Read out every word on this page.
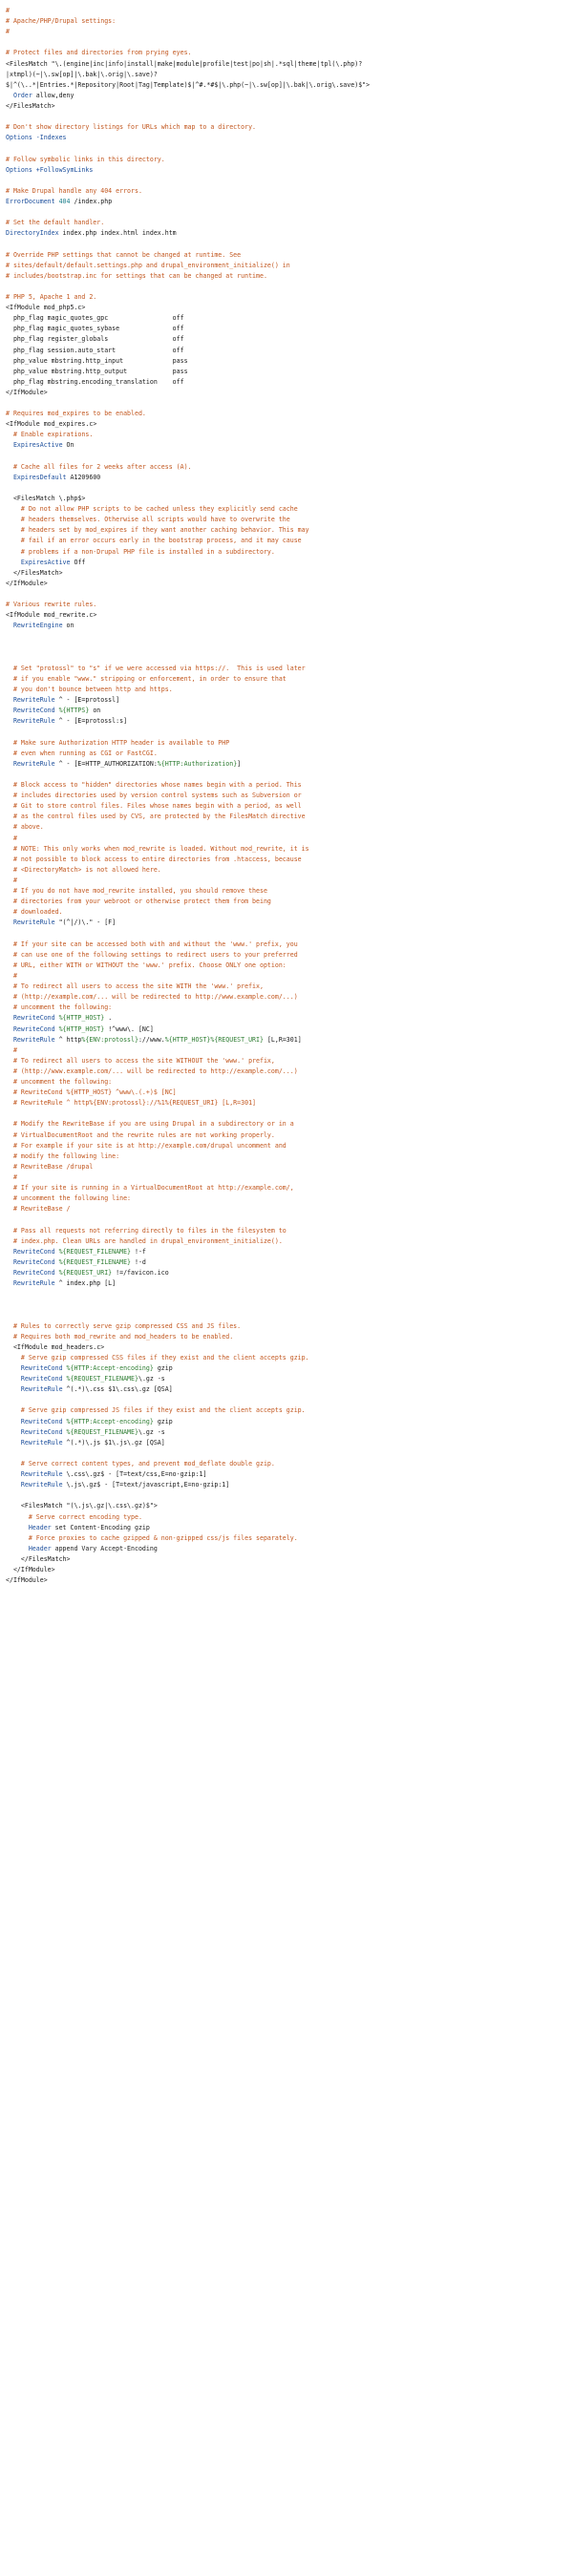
#
# Apache/PHP/Drupal settings:
#
# Protect files and directories from prying eyes.
<FilesMatch "\.(engine|inc|info|install|make|module|profile|test|po|sh|.*sql|theme|tpl(\.php)?
|xtmpl)(~|\.sw[op]|\.bak|\.orig|\.save)?
$|^(\..*|Entries.*|Repository|Root|Tag|Template)$|^#.*#$|\.php(~|\.sw[op]|\.bak|\.orig\.save)$">
Order allow,deny
</FilesMatch>
# Don't show directory listings for URLs which map to a directory.
Options -Indexes
# Follow symbolic links in this directory.
Options +FollowSymLinks
# Make Drupal handle any 404 errors.
ErrorDocument 404 /index.php
# Set the default handler.
DirectoryIndex index.php index.html index.htm
# Override PHP settings that cannot be changed at runtime. See
# sites/default/default.settings.php and drupal_environment_initialize() in
# includes/bootstrap.inc for settings that can be changed at runtime.
# PHP 5, Apache 1 and 2.
<IfModule mod_php5.c>
php_flag magic_quotes_gpc                 off
php_flag magic_quotes_sybase              off
php_flag register_globals                 off
php_flag session.auto_start               off
php_value mbstring.http_input             pass
php_value mbstring.http_output            pass
php_flag mbstring.encoding_translation    off
</IfModule>
# Requires mod_expires to be enabled.
<IfModule mod_expires.c>
# Enable expirations.
ExpiresActive On
# Cache all files for 2 weeks after access (A).
ExpiresDefault A1209600
<FilesMatch \.php$>
# Do not allow PHP scripts to be cached unless they explicitly send cache
# headers themselves. Otherwise all scripts would have to overwrite the
# headers set by mod_expires if they want another caching behavior. This may
# fail if an error occurs early in the bootstrap process, and it may cause
# problems if a non-Drupal PHP file is installed in a subdirectory.
ExpiresActive Off
</FilesMatch>
</IfModule>
# Various rewrite rules.
<IfModule mod_rewrite.c>
RewriteEngine on
# Set "protossl" to "s" if we were accessed via https://.  This is used later
# if you enable "www." stripping or enforcement, in order to ensure that
# you don't bounce between http and https.
RewriteRule ^ - [E=protossl]
RewriteCond %{HTTPS} on
RewriteRule ^ - [E=protossl:s]
# Make sure Authorization HTTP header is available to PHP
# even when running as CGI or FastCGI.
RewriteRule ^ - [E=HTTP_AUTHORIZATION:%{HTTP:Authorization}]
# Block access to "hidden" directories whose names begin with a period. This
# includes directories used by version control systems such as Subversion or
# Git to store control files. Files whose names begin with a period, as well
# as the control files used by CVS, are protected by the FilesMatch directive
# above.
#
# NOTE: This only works when mod_rewrite is loaded. Without mod_rewrite, it is
# not possible to block access to entire directories from .htaccess, because
# <DirectoryMatch> is not allowed here.
#
# If you do not have mod_rewrite installed, you should remove these
# directories from your webroot or otherwise protect them from being
# downloaded.
RewriteRule "(^|/)\." - [F]
# If your site can be accessed both with and without the 'www.' prefix, you
# can use one of the following settings to redirect users to your preferred
# URL, either WITH or WITHOUT the 'www.' prefix. Choose ONLY one option:
#
# To redirect all users to access the site WITH the 'www.' prefix,
# (http://example.com/... will be redirected to http://www.example.com/...)
# uncomment the following:
RewriteCond %{HTTP_HOST} .
RewriteCond %{HTTP_HOST} !^www\. [NC]
RewriteRule ^ http%{ENV:protossl}://www.%{HTTP_HOST}%{REQUEST_URI} [L,R=301]
#
# To redirect all users to access the site WITHOUT the 'www.' prefix,
# (http://www.example.com/... will be redirected to http://example.com/...)
# uncomment the following:
# RewriteCond %{HTTP_HOST} ^www\.(.+)$ [NC]
# RewriteRule ^ http%{ENV:protossl}://%1%{REQUEST_URI} [L,R=301]
# Modify the RewriteBase if you are using Drupal in a subdirectory or in a
# VirtualDocumentRoot and the rewrite rules are not working properly.
# For example if your site is at http://example.com/drupal uncomment and
# modify the following line:
# RewriteBase /drupal
#
# If your site is running in a VirtualDocumentRoot at http://example.com/,
# uncomment the following line:
# RewriteBase /
# Pass all requests not referring directly to files in the filesystem to
# index.php. Clean URLs are handled in drupal_environment_initialize().
RewriteCond %{REQUEST_FILENAME} !-f
RewriteCond %{REQUEST_FILENAME} !-d
RewriteCond %{REQUEST_URI} !=/favicon.ico
RewriteRule ^ index.php [L]
# Rules to correctly serve gzip compressed CSS and JS files.
# Requires both mod_rewrite and mod_headers to be enabled.
<IfModule mod_headers.c>
# Serve gzip compressed CSS files if they exist and the client accepts gzip.
RewriteCond %{HTTP:Accept-encoding} gzip
RewriteCond %{REQUEST_FILENAME}\.gz -s
RewriteRule ^(.*)\.css $1\.css\.gz [QSA]
# Serve gzip compressed JS files if they exist and the client accepts gzip.
RewriteCond %{HTTP:Accept-encoding} gzip
RewriteCond %{REQUEST_FILENAME}\.gz -s
RewriteRule ^(.*)\.js $1\.js\.gz [QSA]
# Serve correct content types, and prevent mod_deflate double gzip.
RewriteRule \.css\.gz$ - [T=text/css,E=no-gzip:1]
RewriteRule \.js\.gz$ - [T=text/javascript,E=no-gzip:1]
<FilesMatch "(\.js\.gz|\.css\.gz)$">
# Serve correct encoding type.
Header set Content-Encoding gzip
# Force proxies to cache gzipped & non-gzipped css/js files separately.
Header append Vary Accept-Encoding
</FilesMatch>
</IfModule>
</IfModule>
